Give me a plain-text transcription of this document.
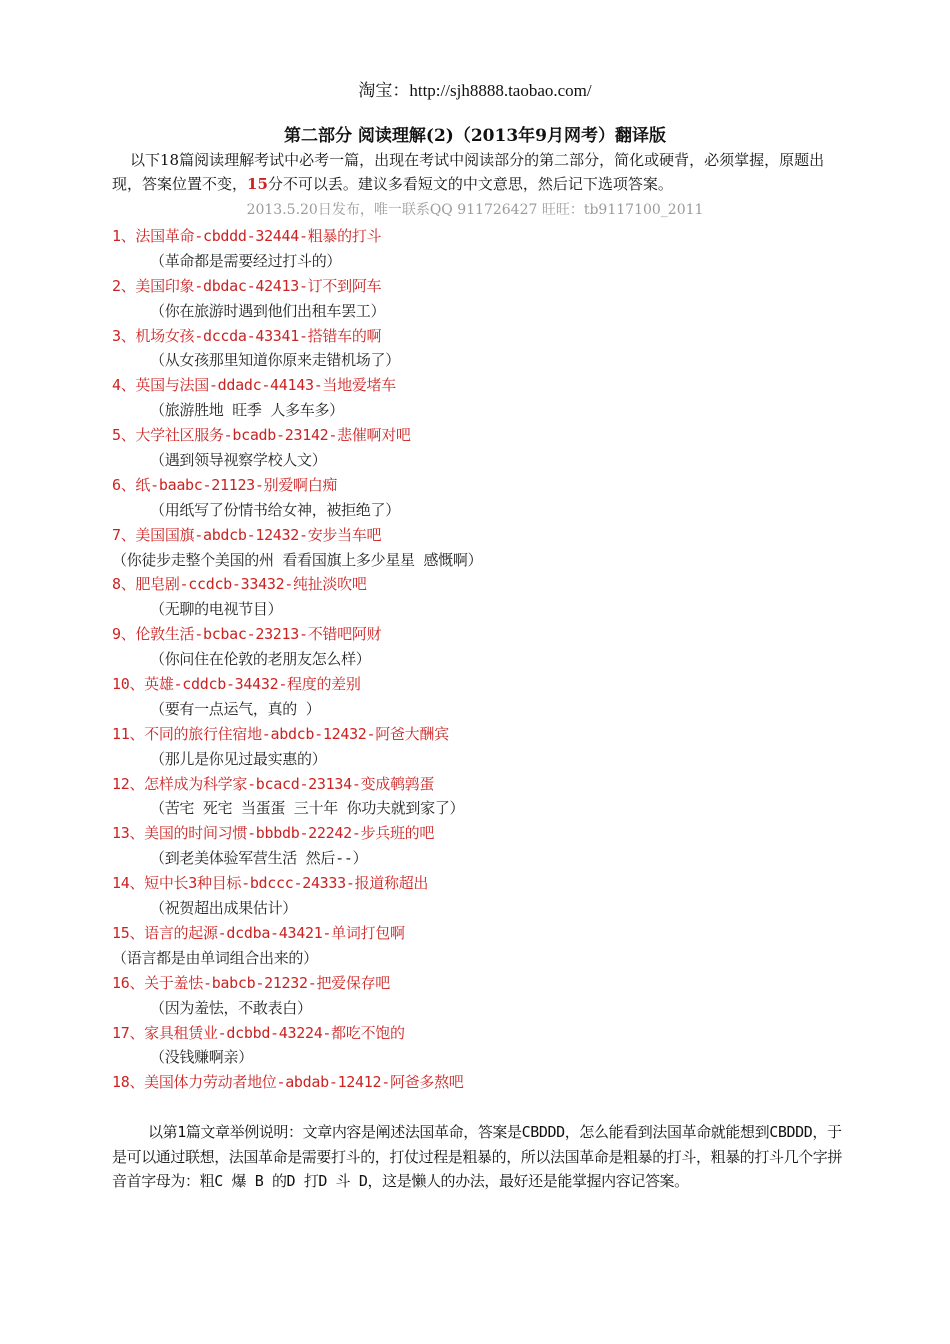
淘宝：http://sjh8888.taobao.com/
第二部分 阅读理解(2)（2013年9月网考）翻译版

以下18篇阅读理解考试中必考一篇，出现在考试中阅读部分的第二部分，简化或硬背，必须掌握，原题出现，答案位置不变，15分不可以丢。建议多看短文的中文意思，然后记下选项答案。

2013.5.20日发布，唯一联系QQ 911726427 旺旺：tb9117100_2011
1、法国革命-cbddd-32444-粗暴的打斗
（革命都是需要经过打斗的）
2、美国印象-dbdac-42413-订不到阿车
（你在旅游时遇到他们出租车罢工）
3、机场女孩-dccda-43341-搭错车的啊
（从女孩那里知道你原来走错机场了）
4、英国与法国-ddadc-44143-当地爱堵车
（旅游胜地 旺季 人多车多）
5、大学社区服务-bcadb-23142-悲催啊对吧
（遇到领导视察学校人文）
6、纸-baabc-21123-别爱啊白痴
（用纸写了份情书给女神，被拒绝了）
7、美国国旗-abdcb-12432-安步当车吧
（你徒步走整个美国的州 看看国旗上多少星星 感慨啊）
8、肥皂剧-ccdcb-33432-纯扯淡吹吧
（无聊的电视节目）
9、伦敦生活-bcbac-23213-不错吧阿财
（你问住在伦敦的老朋友怎么样）
10、英雄-cddcb-34432-程度的差别
（要有一点运气，真的 ）
11、不同的旅行住宿地-abdcb-12432-阿爸大酬宾
（那儿是你见过最实惠的）
12、怎样成为科学家-bcacd-23134-变成鹌鹑蛋
（苦宅 死宅 当蛋蛋 三十年 你功夫就到家了）
13、美国的时间习惯-bbbdb-22242-步兵班的吧
（到老美体验军营生活 然后--）
14、短中长3种目标-bdccc-24333-报道称超出
（祝贺超出成果估计）
15、语言的起源-dcdba-43421-单词打包啊
（语言都是由单词组合出来的）
16、关于羞怯-babcb-21232-把爱保存吧
（因为羞怯，不敢表白）
17、家具租赁业-dcbbd-43224-都吃不饱的
（没钱赚啊亲）
18、美国体力劳动者地位-abdab-12412-阿爸多熬吧

以第1篇文章举例说明：文章内容是阐述法国革命，答案是CBDDD，怎么能看到法国革命就能想到CBDDD，于是可以通过联想，法国革命是需要打斗的，打仗过程是粗暴的，所以法国革命是粗暴的打斗，粗暴的打斗几个字拼音首字母为：粗C 爆 B 的D 打D 斗 D，这是懒人的办法，最好还是能掌握内容记答案。
